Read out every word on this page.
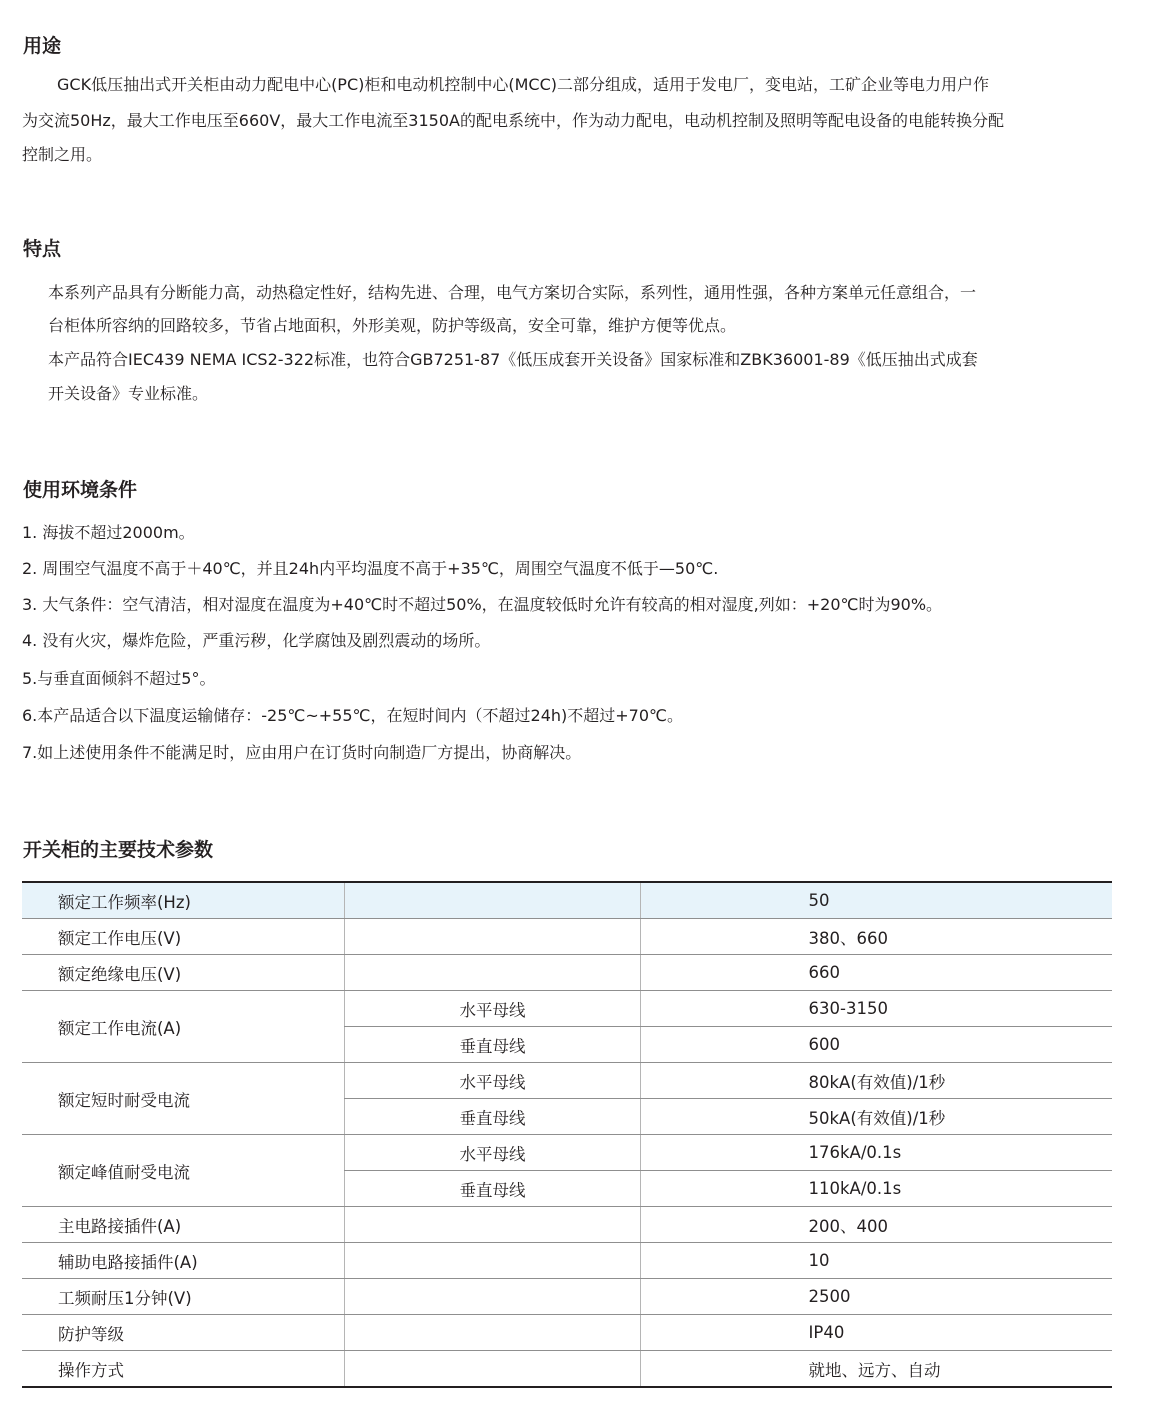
用途

GCK低压抽出式开关柜由动力配电中心(PC)柜和电动机控制中心(MCC)二部分组成，适用于发电厂，变电站，工矿企业等电力用户作

为交流50Hz，最大工作电压至660V，最大工作电流至3150A的配电系统中，作为动力配电，电动机控制及照明等配电设备的电能转换分配

控制之用。

特点

本系列产品具有分断能力高，动热稳定性好，结构先进、合理，电气方案切合实际，系列性，通用性强，各种方案单元任意组合，一

台柜体所容纳的回路较多，节省占地面积，外形美观，防护等级高，安全可靠，维护方便等优点。

本产品符合IEC439 NEMA ICS2-322标准，也符合GB7251-87《低压成套开关设备》国家标准和ZBK36001-89《低压抽出式成套

开关设备》专业标准。

使用环境条件

1. 海拔不超过2000m。

2. 周围空气温度不高于＋40℃，并且24h内平均温度不高于+35℃，周围空气温度不低于—50℃.

3. 大气条件：空气清洁，相对湿度在温度为+40℃时不超过50%，在温度较低时允许有较高的相对湿度,列如：+20℃时为90%。

4. 没有火灾，爆炸危险，严重污秽，化学腐蚀及剧烈震动的场所。

5.与垂直面倾斜不超过5°。

6.本产品适合以下温度运输储存：-25℃~+55℃，在短时间内（不超过24h)不超过+70℃。

7.如上述使用条件不能满足时，应由用户在订货时向制造厂方提出，协商解决。

开关柜的主要技术参数
额定工作频率(Hz)		50
额定工作电压(V)		380、660
额定绝缘电压(V)		660
额定工作电流(A)	水平母线	630-3150
	垂直母线	600
额定短时耐受电流	水平母线	80kA(有效值)/1秒
	垂直母线	50kA(有效值)/1秒
额定峰值耐受电流	水平母线	176kA/0.1s
	垂直母线	110kA/0.1s
主电路接插件(A)		200、400
辅助电路接插件(A)		10
工频耐压1分钟(V)		2500
防护等级		IP40
操作方式		就地、远方、自动
